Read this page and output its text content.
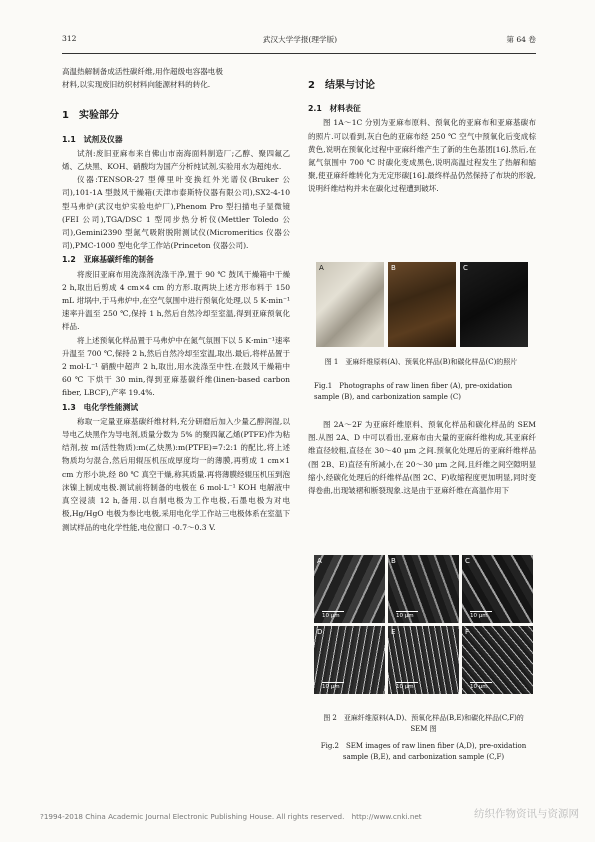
312	武汉大学学报(理学版)	第 64 卷

高温热解制备成活性碳纤维,用作超级电容器电极

材料,以实现废旧纺织材料向能源材料的转化.

1　实验部分
1.1　试剂及仪器

试剂:废旧亚麻布来自佛山市南海面料制造厂;乙醇、聚四氟乙烯、乙炔黑、KOH、硝酸均为国产分析纯试剂,实验用水为超纯水.

仪器:TENSOR-27 型傅里叶变换红外光谱仪(Bruker 公司),101-1A 型鼓风干燥箱(天津市泰斯特仪器有限公司),SX2-4-10 型马弗炉(武汉电炉实验电炉厂),Phenom Pro 型扫描电子显微镜(FEI 公司),TGA/DSC 1 型同步热分析仪(Mettler Toledo 公司),Gemini2390 型氮气吸附脱附测试仪(Micromeritics 仪器公司),PMC-1000 型电化学工作站(Princeton 仪器公司).

1.2　亚麻基碳纤维的制备

将废旧亚麻布用洗涤剂洗涤干净,置于 90 ℃ 鼓风干燥箱中干燥 2 h,取出后剪成 4 cm×4 cm 的方形.取两块上述方形布料于 150 mL 坩埚中,于马弗炉中,在空气氛围中进行预氧化处理,以 5 K·min⁻¹速率升温至 250 ℃,保持 1 h,然后自然冷却至室温,得到亚麻预氧化样品.

将上述预氧化样品置于马弗炉中在氮气氛围下以 5 K·min⁻¹速率升温至 700 ℃,保持 2 h,然后自然冷却至室温,取出.最后,将样品置于 2 mol·L⁻¹ 硝酸中超声 2 h,取出,用水洗涤至中性.在鼓风干燥箱中 60 ℃ 下烘干 30 min,得到亚麻基碳纤维(linen-based carbon fiber, LBCF),产率 19.4%.

1.3　电化学性能测试

称取一定量亚麻基碳纤维材料,充分研磨后加入少量乙醇润湿,以导电乙炔黑作为导电剂,质量分数为 5% 的聚四氟乙烯(PTFE)作为粘结剂,按 m(活性物质):m(乙炔黑):m(PTFE)=7:2:1 的配比,将上述物质均匀混合,然后用辊压机压成厚度均一的薄膜,再剪成 1 cm×1 cm 方形小块,经 80 ℃ 真空干燥,称其质量.再将薄膜经辊压机压到泡沫镍上制成电极.测试前将制备的电极在 6 mol·L⁻¹ KOH 电解液中真空浸渍 12 h,备用.以自制电极为工作电极,石墨电极为对电极,Hg/HgO 电极为参比电极,采用电化学工作站三电极体系在室温下测试样品的电化学性能,电位窗口 -0.7～0.3 V.

2　结果与讨论
2.1　材料表征

图 1A～1C 分别为亚麻布原料、预氧化的亚麻布和亚麻基碳布的照片.可以看到,灰白色的亚麻布经 250 ℃ 空气中预氧化后变成棕黄色,说明在预氧化过程中亚麻纤维产生了新的生色基团[16].然后,在氮气氛围中 700 ℃ 时碳化变成黑色,说明高温过程发生了热解和缩聚,使亚麻纤维转化为无定形碳[16].最终样品仍然保持了布块的形貌,说明纤维结构并未在碳化过程遭到破坏.

A	B	C
图 1　亚麻纤维原料(A)、预氧化样品(B)和碳化样品(C)的照片
Fig.1　Photographs of raw linen fiber (A), pre-oxidation sample (B), and carbonization sample (C)

图 2A～2F 为亚麻纤维原料、预氧化样品和碳化样品的 SEM 图.从图 2A、D 中可以看出,亚麻布由大量的亚麻纤维构成,其亚麻纤维直径较粗,直径在 30～40 μm 之间.预氧化处理后的亚麻纤维样品(图 2B、E)直径有所减小,在 20～30 μm 之间,且纤维之间空隙明显缩小,经碳化处理后的纤维样品(图 2C、F)收缩程度更加明显,同时变得卷曲,出现皱褶和断裂现象.这是由于亚麻纤维在高温作用下

A
10 μm
B
10 μm
C
10 μm
D
10 μm
E
10 μm
F
10 μm
图 2　亚麻纤维原料(A,D)、预氧化样品(B,E)和碳化样品(C,F)的 SEM 图
Fig.2　SEM images of raw linen fiber (A,D), pre-oxidation sample (B,E), and carbonization sample (C,F)
?1994-2018 China Academic Journal Electronic Publishing House. All rights reserved.　http://www.cnki.net	纺织作物资讯与资源网
